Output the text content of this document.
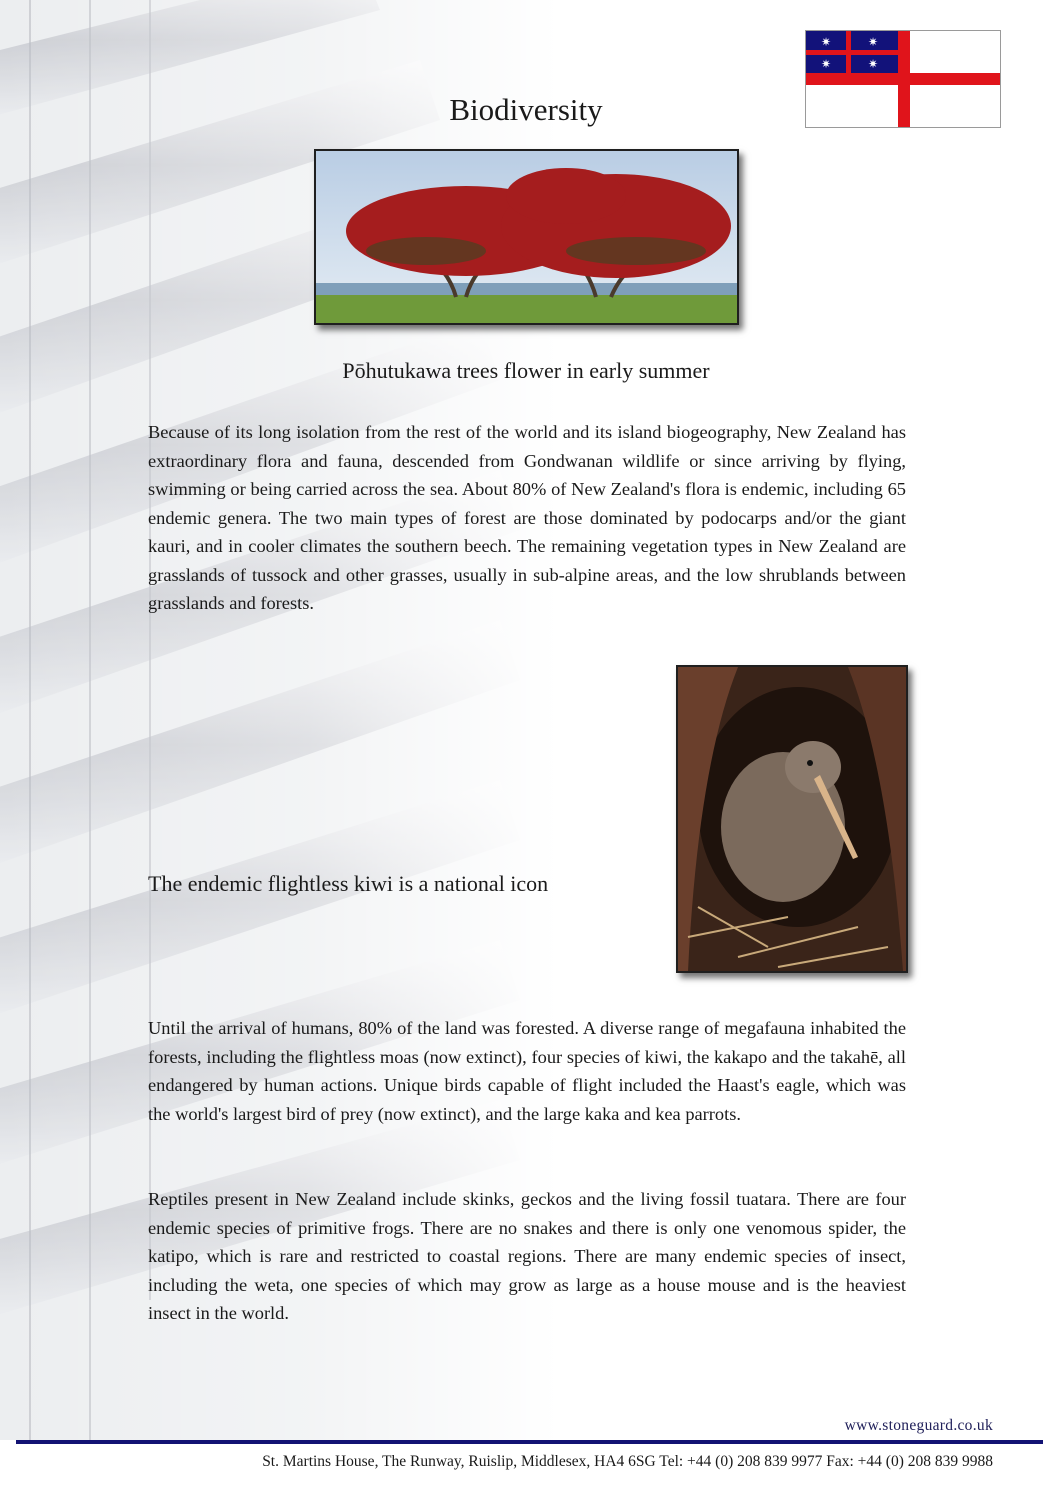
✷	✷
✷	✷
Biodiversity
Pōhutukawa trees flower in early summer

Because of its long isolation from the rest of the world and its island biogeography, New Zealand has extraordinary flora and fauna, descended from Gondwanan wildlife or since arriving by flying, swimming or being carried across the sea. About 80% of New Zealand's flora is endemic, including 65 endemic genera. The two main types of forest are those dominated by podocarps and/or the giant kauri, and in cooler climates the southern beech. The remaining vegetation types in New Zealand are grasslands of tussock and other grasses, usually in sub-alpine areas, and the low shrublands between grasslands and forests.

The endemic flightless kiwi is a national icon

Until the arrival of humans, 80% of the land was forested. A diverse range of megafauna inhabited the forests, including the flightless moas (now extinct), four species of kiwi, the kakapo and the takahē, all endangered by human actions. Unique birds capable of flight included the Haast's eagle, which was the world's largest bird of prey (now extinct), and the large kaka and kea parrots.

Reptiles present in New Zealand include skinks, geckos and the living fossil tuatara. There are four endemic species of primitive frogs. There are no snakes and there is only one venomous spider, the katipo, which is rare and restricted to coastal regions. There are many endemic species of insect, including the weta, one species of which may grow as large as a house mouse and is the heaviest insect in the world.

www.stoneguard.co.uk
St. Martins House, The Runway, Ruislip, Middlesex, HA4 6SG Tel: +44 (0) 208 839 9977 Fax: +44 (0) 208 839 9988
